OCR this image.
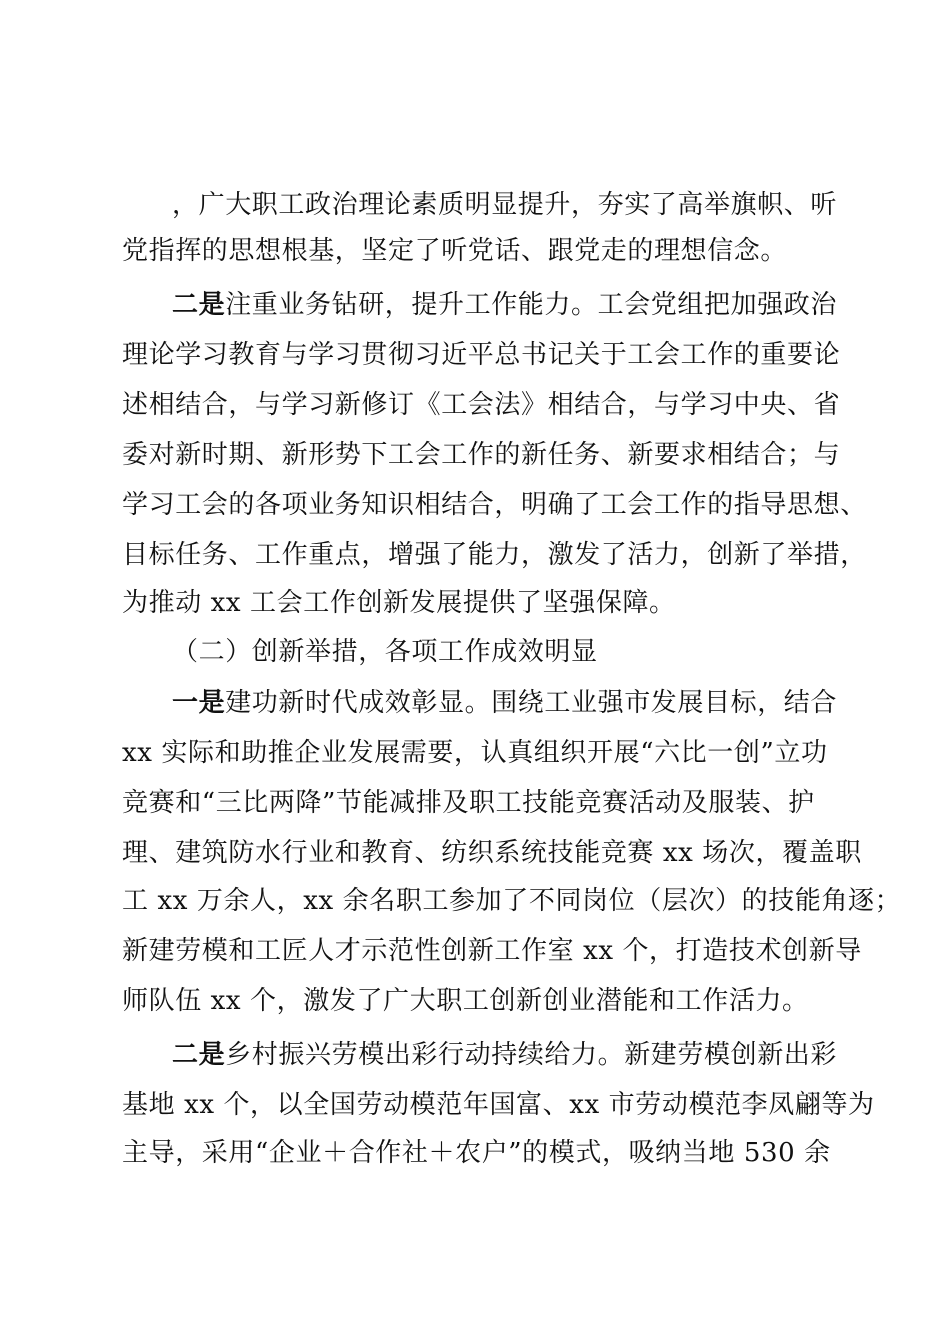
，广大职工政治理论素质明显提升，夯实了高举旗帜、听
党指挥的思想根基，坚定了听党话、跟党走的理想信念。
二是注重业务钻研，提升工作能力。工会党组把加强政治
理论学习教育与学习贯彻习近平总书记关于工会工作的重要论
述相结合，与学习新修订《工会法》相结合，与学习中央、省
委对新时期、新形势下工会工作的新任务、新要求相结合；与
学习工会的各项业务知识相结合，明确了工会工作的指导思想、
目标任务、工作重点，增强了能力，激发了活力，创新了举措，
为推动 xx 工会工作创新发展提供了坚强保障。
（二）创新举措，各项工作成效明显
一是建功新时代成效彰显。围绕工业强市发展目标，结合
xx 实际和助推企业发展需要，认真组织开展“六比一创”立功
竞赛和“三比两降”节能减排及职工技能竞赛活动及服装、护
理、建筑防水行业和教育、纺织系统技能竞赛 xx 场次，覆盖职
工 xx 万余人，xx 余名职工参加了不同岗位（层次）的技能角逐；
新建劳模和工匠人才示范性创新工作室 xx 个，打造技术创新导
师队伍 xx 个，激发了广大职工创新创业潜能和工作活力。
二是乡村振兴劳模出彩行动持续给力。新建劳模创新出彩
基地 xx 个，以全国劳动模范年国富、xx 市劳动模范李凤翩等为
主导，采用“企业＋合作社＋农户”的模式，吸纳当地 530 余
